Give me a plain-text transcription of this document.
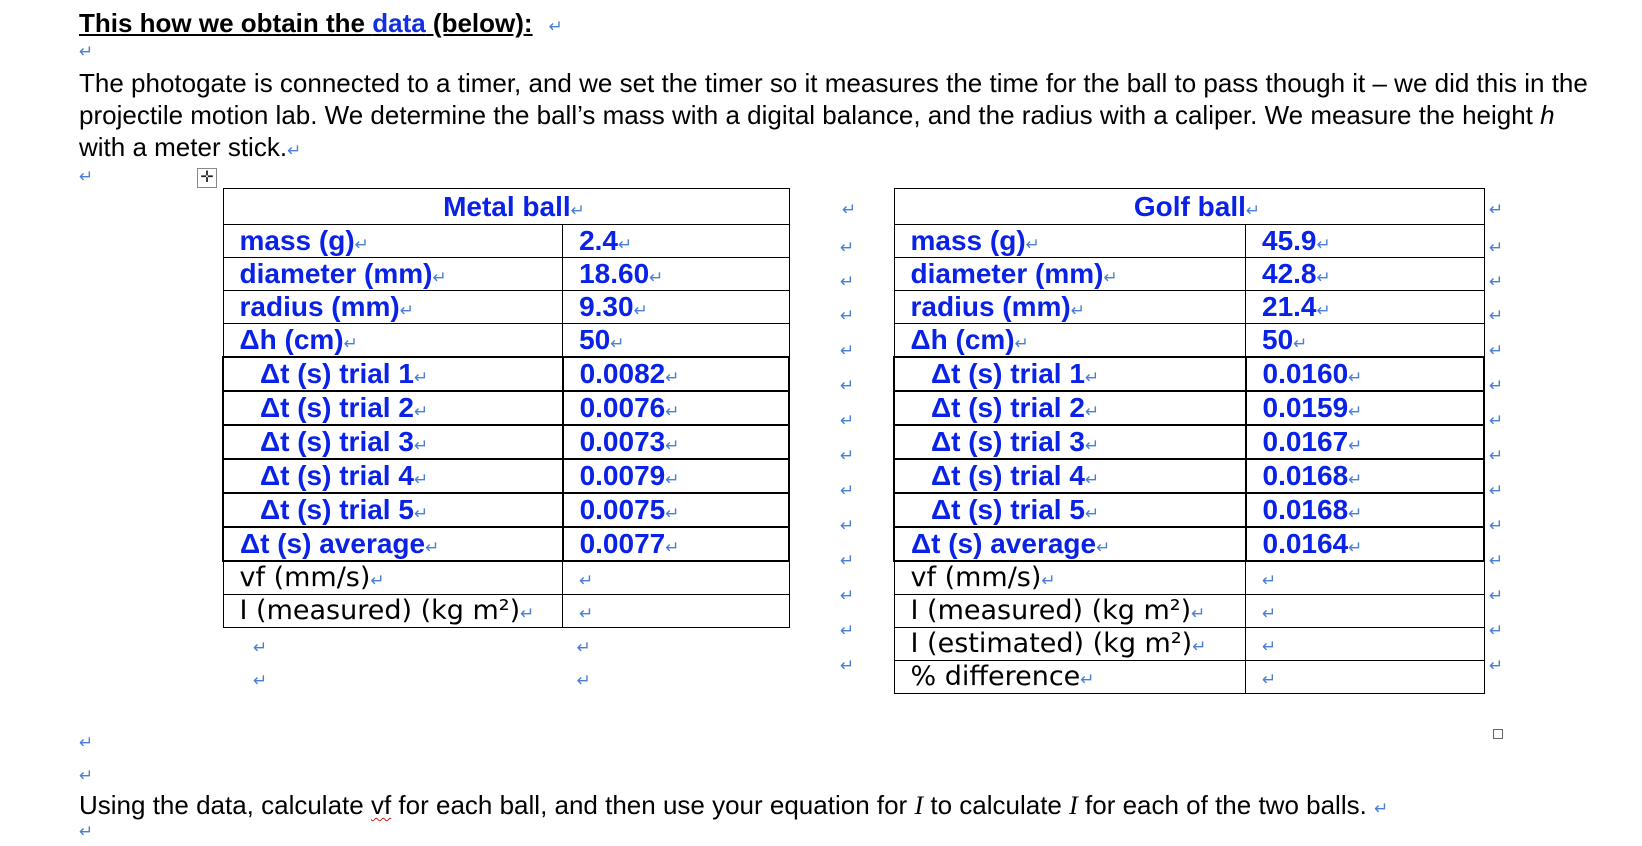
This how we obtain the data (below): ↵
↵
The photogate is connected to a timer, and we set the timer so it measures the time for the ball to pass though it – we did this in the projectile motion lab. We determine the ball’s mass with a digital balance, and the radius with a caliper. We measure the height h with a meter stick.↵
↵	✛
Metal ball↵	
mass (g)↵	2.4↵
diameter (mm)↵	18.60↵
radius (mm)↵	9.30↵
Δh (cm)↵	50↵
Δt (s) trial 1↵	0.0082↵
Δt (s) trial 2↵	0.0076↵
Δt (s) trial 3↵	0.0073↵
Δt (s) trial 4↵	0.0079↵
Δt (s) trial 5↵	0.0075↵
Δt (s) average↵	0.0077↵
vf (mm/s)↵	↵
I (measured) (kg m²)↵	↵
↵	↵
↵	↵
Golf ball↵	
mass (g)↵	45.9↵
diameter (mm)↵	42.8↵
radius (mm)↵	21.4↵
Δh (cm)↵	50↵
Δt (s) trial 1↵	0.0160↵
Δt (s) trial 2↵	0.0159↵
Δt (s) trial 3↵	0.0167↵
Δt (s) trial 4↵	0.0168↵
Δt (s) trial 5↵	0.0168↵
Δt (s) average↵	0.0164↵
vf (mm/s)↵	↵
I (measured) (kg m²)↵	↵
I (estimated) (kg m²)↵	↵
% difference↵	↵
↵
↵
↵
↵
↵
↵
↵
↵
↵
↵
↵
↵
↵
↵
↵
↵
↵
↵
↵
↵
↵
↵
↵
↵
↵
↵
↵
↵
↵
↵
Using the data, calculate vf for each ball, and then use your equation for I to calculate I for each of the two balls. ↵
↵
